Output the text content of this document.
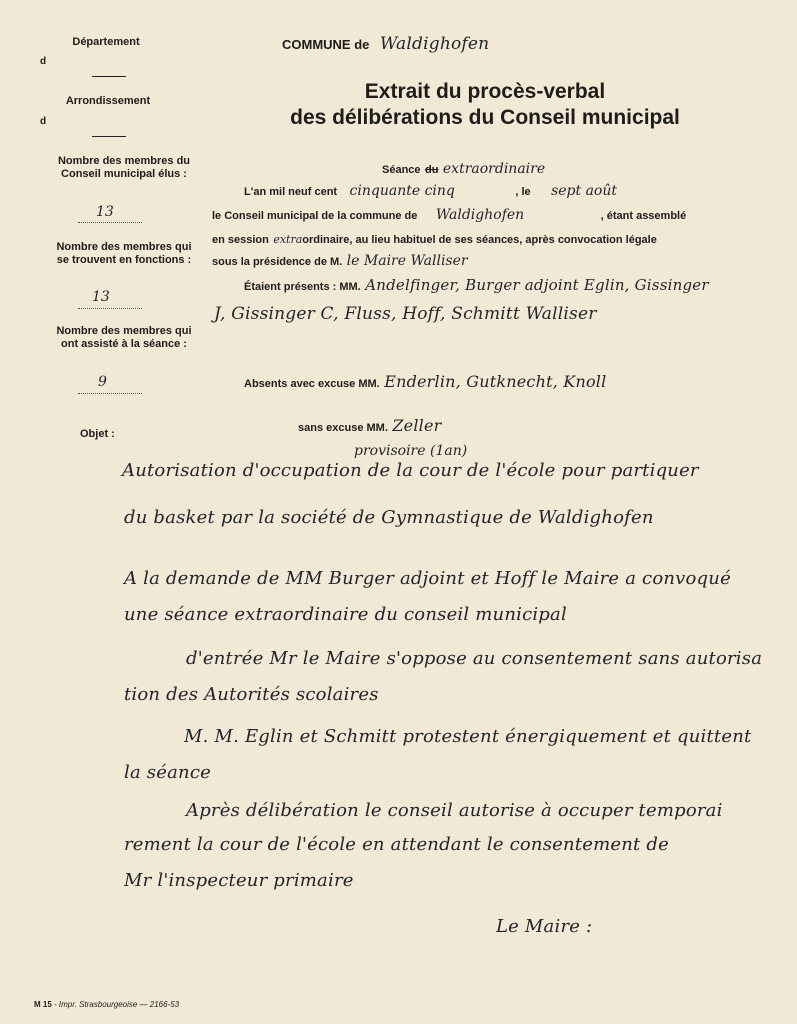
Département
d
Arrondissement
d
Nombre des membres du Conseil municipal élus :
13
Nombre des membres qui se trouvent en fonctions :
13
Nombre des membres qui ont assisté à la séance :
9
Objet :
COMMUNE de Waldighofen
Extrait du procès-verbal
des délibérations du Conseil municipal
Séance du extraordinaire
L'an mil neuf cent cinquante cinq	, le sept août
le Conseil municipal de la commune de Waldighofen	, étant assemblé
en session extraordinaire, au lieu habituel de ses séances, après convocation légale
sous la présidence de M. le Maire Walliser
Étaient présents : MM. Andelfinger, Burger adjoint Eglin, Gissinger
J, Gissinger C, Fluss, Hoff, Schmitt Walliser
Absents avec excuse MM. Enderlin, Gutknecht, Knoll
sans excuse MM. Zeller
provisoire (1an)
Autorisation d'occupation de la cour de l'école pour partiquer
du basket par la société de Gymnastique de Waldighofen
A la demande de MM Burger adjoint et Hoff le Maire a convoqué
une séance extraordinaire du conseil municipal
d'entrée Mr le Maire s'oppose au consentement sans autorisa
tion des Autorités scolaires
M. M. Eglin et Schmitt protestent énergiquement et quittent
la séance
Après délibération le conseil autorise à occuper temporai
rement la cour de l'école en attendant le consentement de
Mr l'inspecteur primaire
Le Maire :
M 15 - Impr. Strasbourgeoise — 2166-53
